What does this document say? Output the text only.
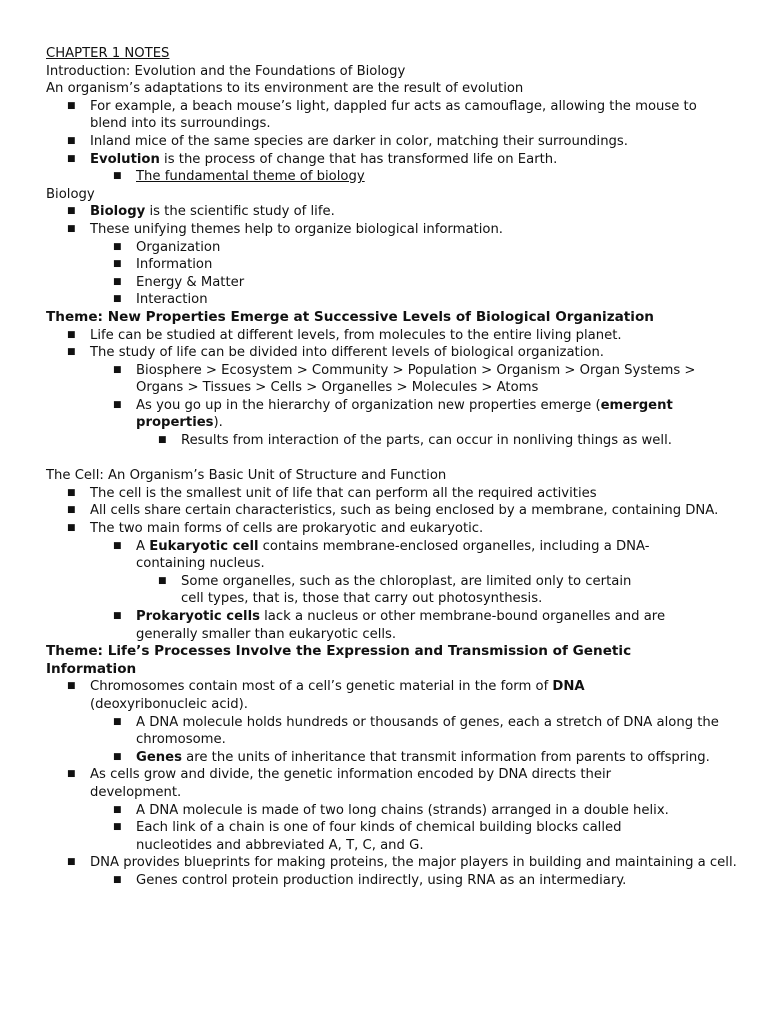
CHAPTER 1 NOTES
Introduction: Evolution and the Foundations of Biology
An organism’s adaptations to its environment are the result of evolution
■ For example, a beach mouse’s light, dappled fur acts as camouflage, allowing the mouse to blend into its surroundings.
■ Inland mice of the same species are darker in color, matching their surroundings.
■ Evolution is the process of change that has transformed life on Earth.
■ The fundamental theme of biology
Biology
■ Biology is the scientific study of life.
■ These unifying themes help to organize biological information.
■ Organization
■ Information
■ Energy & Matter
■ Interaction
Theme: New Properties Emerge at Successive Levels of Biological Organization
■ Life can be studied at different levels, from molecules to the entire living planet.
■ The study of life can be divided into different levels of biological organization.
■ Biosphere > Ecosystem > Community > Population > Organism > Organ Systems > Organs > Tissues > Cells > Organelles > Molecules > Atoms
■ As you go up in the hierarchy of organization new properties emerge (emergent properties).
■ Results from interaction of the parts, can occur in nonliving things as well.
The Cell: An Organism’s Basic Unit of Structure and Function
■ The cell is the smallest unit of life that can perform all the required activities
■ All cells share certain characteristics, such as being enclosed by a membrane, containing DNA.
■ The two main forms of cells are prokaryotic and eukaryotic.
■ A Eukaryotic cell contains membrane-enclosed organelles, including a DNA-containing nucleus.
■ Some organelles, such as the chloroplast, are limited only to certain cell types, that is, those that carry out photosynthesis.
■ Prokaryotic cells lack a nucleus or other membrane-bound organelles and are generally smaller than eukaryotic cells.
Theme: Life’s Processes Involve the Expression and Transmission of Genetic Information
■ Chromosomes contain most of a cell’s genetic material in the form of DNA (deoxyribonucleic acid).
■ A DNA molecule holds hundreds or thousands of genes, each a stretch of DNA along the chromosome.
■ Genes are the units of inheritance that transmit information from parents to offspring.
■ As cells grow and divide, the genetic information encoded by DNA directs their development.
■ A DNA molecule is made of two long chains (strands) arranged in a double helix.
■ Each link of a chain is one of four kinds of chemical building blocks called nucleotides and abbreviated A, T, C, and G.
■ DNA provides blueprints for making proteins, the major players in building and maintaining a cell.
■ Genes control protein production indirectly, using RNA as an intermediary.
